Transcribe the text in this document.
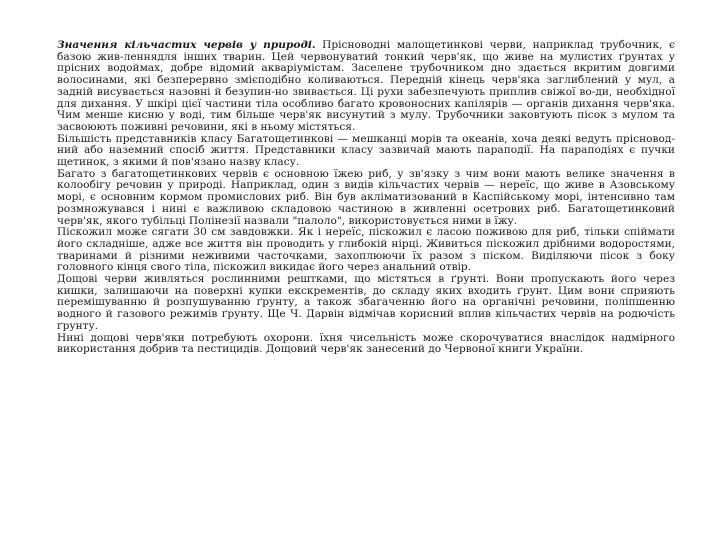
Значення кільчастих червів у природі. Прісноводні малощетинкові черви, наприклад трубочник, є базою жив-леннядля інших тварин. Цей червонуватий тонкий черв'як, що живе на мулистих ґрунтах у прісних водоймах, добре відомий акваріумістам. Заселене трубочником дно здається вкритим довгими волосинами, які безперервно змієподібно коливаються. Передній кінець черв'яка заглиблений у мул, а задній висувається назовні й безупин-но звивається. Ці рухи забезпечують приплив свіжої во-ди, необхідної для дихання. У шкірі цієї частини тіла особливо багато кровоносних капілярів — органів дихання черв'яка. Чим менше кисню у воді, тим більше черв'як висунутий з мулу. Трубочники заковтують пісок з мулом та засвоюють поживні речовини, які в ньому містяться.

Більшість представників класу Багатощетинкові — мешканці морів та океанів, хоча деякі ведуть прісновод-ний або наземний спосіб життя. Представники класу зазвичай мають параподії. На параподіях є пучки щетинок, з якими й пов'язано назву класу.

Багато з багатощетинкових червів є основною їжею риб, у зв'язку з чим вони мають велике значення в колообігу речовин у природі. Наприклад, один з видів кільчастих червів — нереїс, що живе в Азовському морі, є основним кормом промислових риб. Він був акліматизований в Каспійському морі, інтенсивно там розмножувався і нині є важливою складовою частиною в живленні осетрових риб. Багатощетинковий черв'як, якого тубільці Полінезії назвали "палоло", використовується ними в їжу.

Піскожил може сягати 30 см завдовжки. Як і нереїс, піскожил є ласою поживою для риб, тільки спіймати його складніше, адже все життя він проводить у глибокій нірці. Живиться піскожил дрібними водоростями, тваринами й різними неживими часточками, захоплюючи їх разом з піском. Виділяючи пісок з боку головного кінця свого тіла, піскожил викидає його через анальний отвір.

Дощові черви живляться рослинними рештками, що містяться в ґрунті. Вони пропускають його через кишки, залишаючи на поверхні купки екскрементів, до складу яких входить ґрунт. Цим вони сприяють перемішуванню й розпушуванню ґрунту, а також збагаченню його на органічні речовини, поліпшенню водного й газового режимів ґрунту. Ще Ч. Дарвін відмічав корисний вплив кільчастих червів на родючість ґрунту.

Нині дощові черв'яки потребують охорони. їхня чисельність може скорочуватися внаслідок надмірного використання добрив та пестицидів. Дощовий черв'як занесений до Червоної книги України.
